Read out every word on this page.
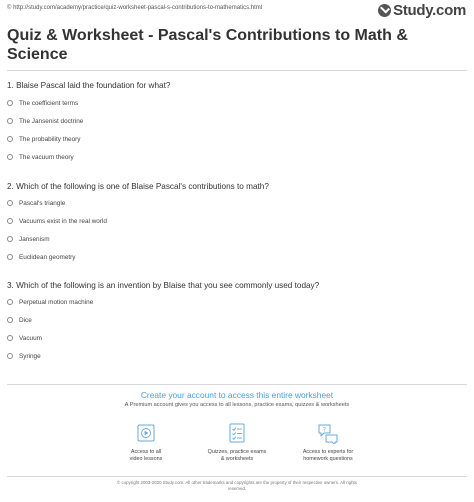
© http://study.com/academy/practice/quiz-worksheet-pascal-s-contributions-to-mathematics.html	Study.com
Quiz & Worksheet - Pascal's Contributions to Math & Science
1. Blaise Pascal laid the foundation for what?
The coefficient terms
The Jansenist doctrine
The probability theory
The vacuum theory
2. Which of the following is one of Blaise Pascal's contributions to math?
Pascal's triangle
Vacuums exist in the real world
Jansenism
Euclidean geometry
3. Which of the following is an invention by Blaise that you see commonly used today?
Perpetual motion machine
Dice
Vacuum
Syringe
Create your account to access this entire worksheet
A Premium account gives you access to all lessons, practice exams, quizzes & worksheets
Access to all
video lessons
Quizzes, practice exams
& worksheets
?
Access to experts for
homework questions
© copyright 2003-2020 Study.com. All other trademarks and copyrights are the property of their respective owners. All rights
reserved.
